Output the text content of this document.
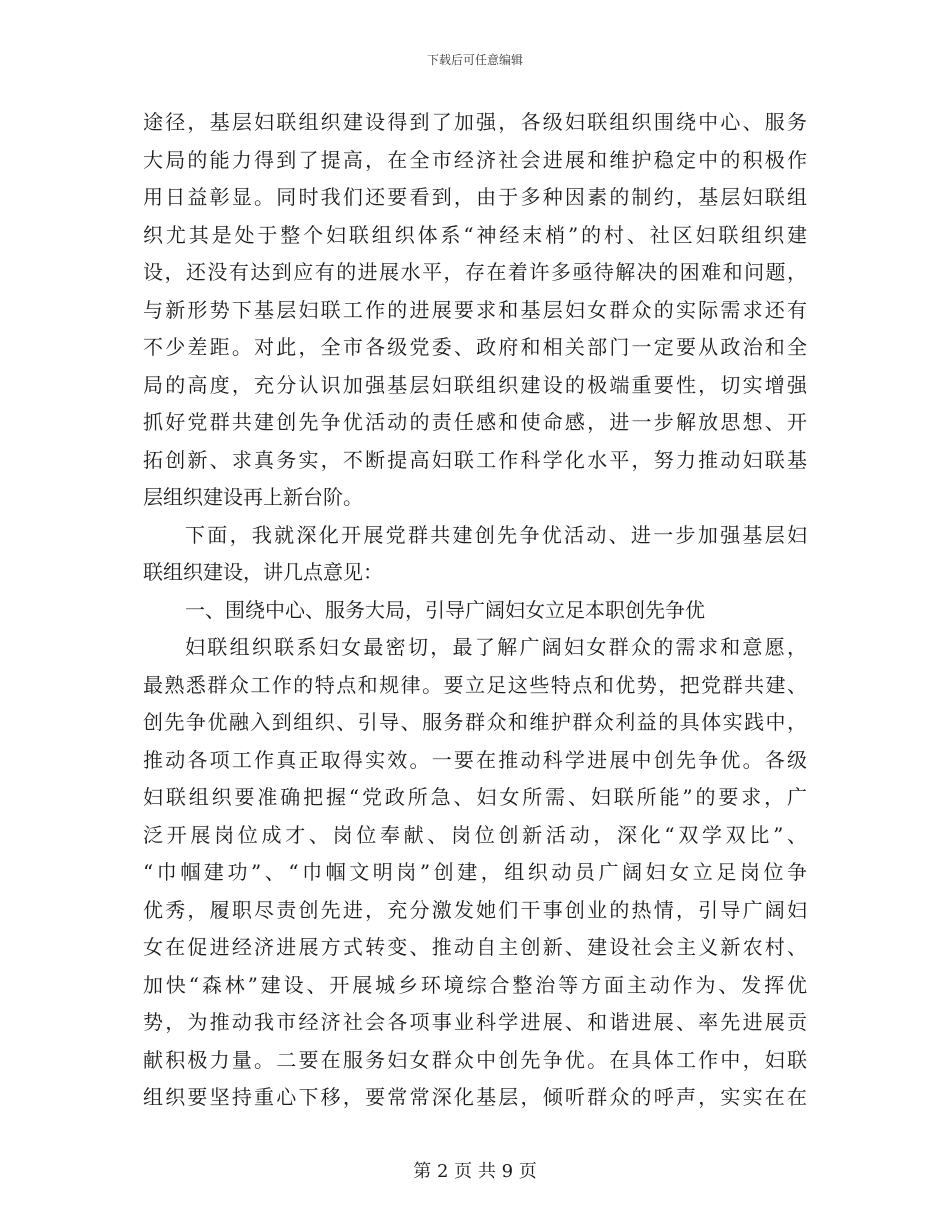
下载后可任意编辑
途径，基层妇联组织建设得到了加强，各级妇联组织围绕中心、服务
大局的能力得到了提高，在全市经济社会进展和维护稳定中的积极作
用日益彰显。同时我们还要看到，由于多种因素的制约，基层妇联组
织尤其是处于整个妇联组织体系“神经末梢”的村、社区妇联组织建
设，还没有达到应有的进展水平，存在着许多亟待解决的困难和问题，
与新形势下基层妇联工作的进展要求和基层妇女群众的实际需求还有
不少差距。对此，全市各级党委、政府和相关部门一定要从政治和全
局的高度，充分认识加强基层妇联组织建设的极端重要性，切实增强
抓好党群共建创先争优活动的责任感和使命感，进一步解放思想、开
拓创新、求真务实，不断提高妇联工作科学化水平，努力推动妇联基
层组织建设再上新台阶。
下面，我就深化开展党群共建创先争优活动、进一步加强基层妇
联组织建设，讲几点意见：
一、围绕中心、服务大局，引导广阔妇女立足本职创先争优
妇联组织联系妇女最密切，最了解广阔妇女群众的需求和意愿，
最熟悉群众工作的特点和规律。要立足这些特点和优势，把党群共建、
创先争优融入到组织、引导、服务群众和维护群众利益的具体实践中，
推动各项工作真正取得实效。一要在推动科学进展中创先争优。各级
妇联组织要准确把握“党政所急、妇女所需、妇联所能”的要求，广
泛开展岗位成才、岗位奉献、岗位创新活动，深化“双学双比”、
“巾帼建功”、“巾帼文明岗”创建，组织动员广阔妇女立足岗位争
优秀，履职尽责创先进，充分激发她们干事创业的热情，引导广阔妇
女在促进经济进展方式转变、推动自主创新、建设社会主义新农村、
加快“森林”建设、开展城乡环境综合整治等方面主动作为、发挥优
势，为推动我市经济社会各项事业科学进展、和谐进展、率先进展贡
献积极力量。二要在服务妇女群众中创先争优。在具体工作中，妇联
组织要坚持重心下移，要常常深化基层，倾听群众的呼声，实实在在
第 2 页 共 9 页
